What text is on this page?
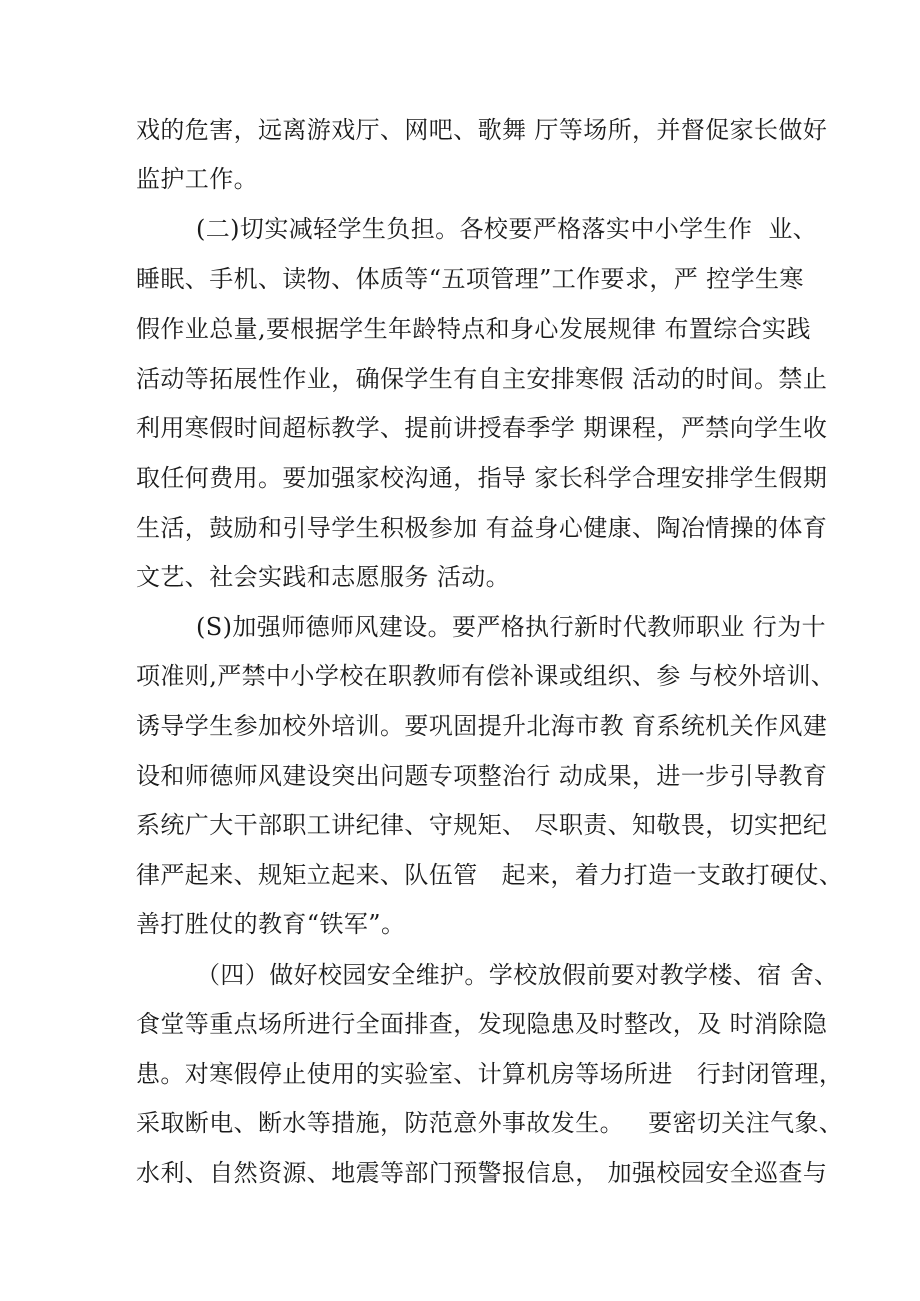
戏的危害，远离游戏厅、网吧、歌舞 厅等场所，并督促家长做好
监护工作。
(二)切实减轻学生负担。各校要严格落实中小学生作  业、
睡眠、手机、读物、体质等“五项管理”工作要求，严 控学生寒
假作业总量,要根据学生年龄特点和身心发展规律 布置综合实践
活动等拓展性作业，确保学生有自主安排寒假 活动的时间。禁止
利用寒假时间超标教学、提前讲授春季学 期课程，严禁向学生收
取任何费用。要加强家校沟通，指导 家长科学合理安排学生假期
生活，鼓励和引导学生积极参加 有益身心健康、陶冶情操的体育
文艺、社会实践和志愿服务 活动。
(S)加强师德师风建设。要严格执行新时代教师职业 行为十
项准则,严禁中小学校在职教师有偿补课或组织、参 与校外培训、
诱导学生参加校外培训。要巩固提升北海市教 育系统机关作风建
设和师德师风建设突出问题专项整治行 动成果，进一步引导教育
系统广大干部职工讲纪律、守规矩、 尽职责、知敬畏，切实把纪
律严起来、规矩立起来、队伍管   起来，着力打造一支敢打硬仗、
善打胜仗的教育“铁军”。
（四）做好校园安全维护。学校放假前要对教学楼、宿 舍、
食堂等重点场所进行全面排查，发现隐患及时整改，及 时消除隐
患。对寒假停止使用的实验室、计算机房等场所进   行封闭管理，
采取断电、断水等措施，防范意外事故发生。   要密切关注气象、
水利、自然资源、地震等部门预警报信息， 加强校园安全巡查与
